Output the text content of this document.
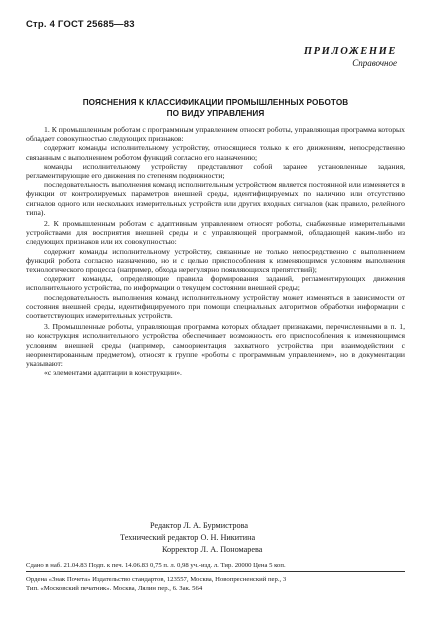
Стр. 4 ГОСТ 25685—83
ПРИЛОЖЕНИЕ
Справочное
ПОЯСНЕНИЯ К КЛАССИФИКАЦИИ ПРОМЫШЛЕННЫХ РОБОТОВ
ПО ВИДУ УПРАВЛЕНИЯ

1. К промышленным роботам с программным управлением относят роботы, управляющая программа которых обладает совокупностью следующих признаков:

содержит команды исполнительному устройству, относящиеся только к его движениям, непосредственно связанным с выполнением роботом функций согласно его назначению;

команды исполнительному устройству представляют собой заранее установленные задания, регламентирующие его движения по степеням подвижности;

последовательность выполнения команд исполнительным устройством является постоянной или изменяется в функции от контролируемых параметров внешней среды, идентифицируемых по наличию или отсутствию сигналов одного или нескольких измерительных устройств или других входных сигналов (как правило, релейного типа).

2. К промышленным роботам с адаптивным управлением относят роботы, снабженные измерительными устройствами для восприятия внешней среды и с управляющей программой, обладающей каким-либо из следующих признаков или их совокупностью:

содержит команды исполнительному устройству, связанные не только непосредственно с выполнением функций робота согласно назначению, но и с целью приспособления к изменяющимся условиям выполнения технологического процесса (например, обхода нерегулярно появляющихся препятствий);

содержит команды, определяющие правила формирования заданий, регламентирующих движения исполнительного устройства, по информации о текущем состоянии внешней среды;

последовательность выполнения команд исполнительному устройству может изменяться в зависимости от состояния внешней среды, идентифицируемого при помощи специальных алгоритмов обработки информации с соответствующих измерительных устройств.

3. Промышленные роботы, управляющая программа которых обладает признаками, перечисленными в п. 1, но конструкция исполнительного устройства обеспечивает возможность его приспособления к изменяющимся условиям внешней среды (например, самоориентация захватного устройства при взаимодействии с неориентированным предметом), относят к группе «роботы с программным управлением», но в документации указывают:

«с элементами адаптации в конструкции».

Редактор Л. А. Бурмистрова
Технический редактор О. Н. Никитина
Корректор Л. А. Пономарева
Сдано в наб. 21.04.83 Подп. к печ. 14.06.83 0,75 п. л. 0,98 уч.-изд. л. Тир. 20000 Цена 5 коп.
Ордена «Знак Почета» Издательство стандартов, 123557, Москва, Новопресненский пер., 3
Тип. «Московский печатник». Москва, Лялин пер., 6. Зак. 564
